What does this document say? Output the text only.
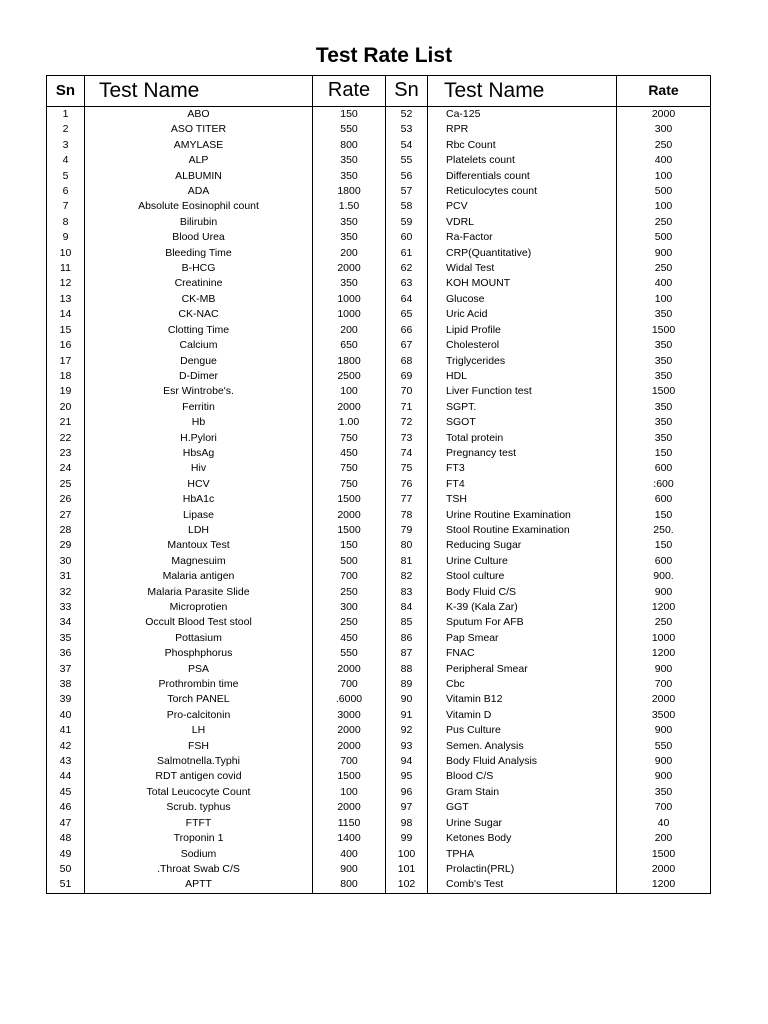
Test Rate List
Sn	Test Name	Rate	Sn	Test Name	Rate
1	ABO	150	52	Ca-125	2000
2	ASO TITER	550	53	RPR	300
3	AMYLASE	800	54	Rbc Count	250
4	ALP	350	55	Platelets count	400
5	ALBUMIN	350	56	Differentials count	100
6	ADA	1800	57	Reticulocytes count	500
7	Absolute Eosinophil count	1.50	58	PCV	100
8	Bilirubin	350	59	VDRL	250
9	Blood Urea	350	60	Ra-Factor	500
10	Bleeding Time	200	61	CRP(Quantitative)	900
11	B-HCG	2000	62	Widal Test	250
12	Creatinine	350	63	KOH MOUNT	400
13	CK-MB	1000	64	Glucose	100
14	CK-NAC	1000	65	Uric Acid	350
15	Clotting Time	200	66	Lipid Profile	1500
16	Calcium	650	67	Cholesterol	350
17	Dengue	1800	68	Triglycerides	350
18	D-Dimer	2500	69	HDL	350
19	Esr Wintrobe's.	100	70	Liver Function test	1500
20	Ferritin	2000	71	SGPT.	350
21	Hb	1.00	72	SGOT	350
22	H.Pylori	750	73	Total protein	350
23	HbsAg	450	74	Pregnancy test	150
24	Hiv	750	75	FT3	600
25	HCV	750	76	FT4	:600
26	HbA1c	1500	77	TSH	600
27	Lipase	2000	78	Urine Routine Examination	150
28	LDH	1500	79	Stool Routine Examination	250.
29	Mantoux Test	150	80	Reducing Sugar	150
30	Magnesuim	500	81	Urine Culture	600
31	Malaria antigen	700	82	Stool culture	900.
32	Malaria Parasite Slide	250	83	Body Fluid C/S	900
33	Microprotien	300	84	K-39 (Kala Zar)	1200
34	Occult Blood Test stool	250	85	Sputum For AFB	250
35	Pottasium	450	86	Pap Smear	1000
36	Phosphphorus	550	87	FNAC	1200
37	PSA	2000	88	Peripheral Smear	900
38	Prothrombin time	700	89	Cbc	700
39	Torch PANEL	.6000	90	Vitamin B12	2000
40	Pro-calcitonin	3000	91	Vitamin D	3500
41	LH	2000	92	Pus Culture	900
42	FSH	2000	93	Semen. Analysis	550
43	Salmotnella.Typhi	700	94	Body Fluid Analysis	900
44	RDT antigen covid	1500	95	Blood C/S	900
45	Total Leucocyte Count	100	96	Gram Stain	350
46	Scrub. typhus	2000	97	GGT	700
47	FTFT	1150	98	Urine Sugar	40
48	Troponin 1	1400	99	Ketones Body	200
49	Sodium	400	100	TPHA	1500
50	.Throat Swab C/S	900	101	Prolactin(PRL)	2000
51	APTT	800	102	Comb's Test	1200
